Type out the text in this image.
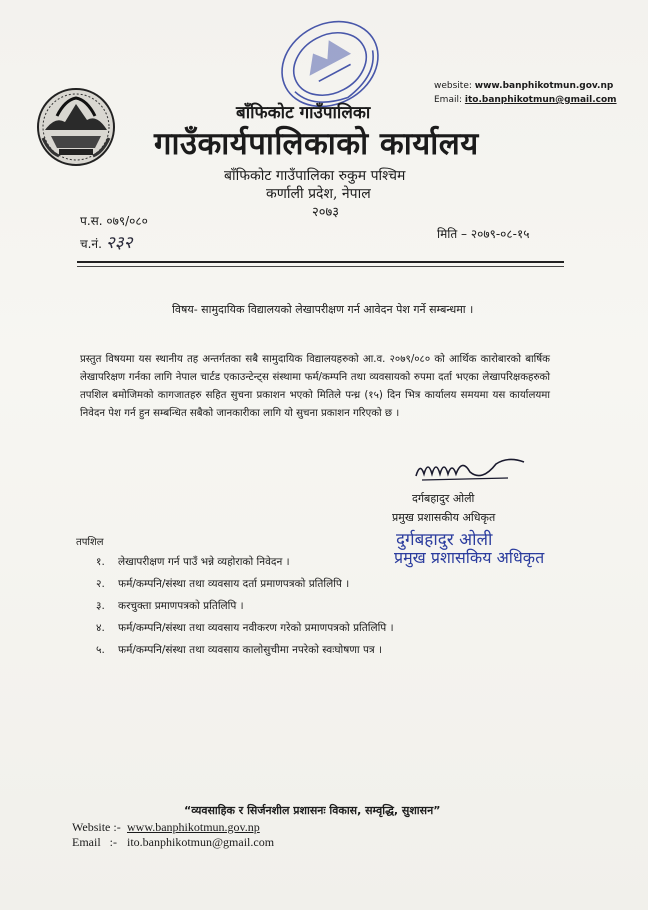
website: www.banphikotmun.gov.np
Email: ito.banphikotmun@gmail.com
बाँफिकोट गाउँपालिका
गाउँकार्यपालिकाको कार्यालय
बाँफिकोट गाउँपालिका रुकुम पश्चिम
कर्णाली प्रदेश, नेपाल
२०७३
प.स. ०७९/०८०
च.नं. २३२	मिति – २०७९-०८-१५
विषय- सामुदायिक विद्यालयको लेखापरीक्षण गर्न आवेदन पेश गर्ने सम्बन्धमा ।
प्रस्तुत विषयमा यस स्थानीय तह अन्तर्गतका सबै सामुदायिक विद्यालयहरुको आ.व. २०७९/०८० को आर्थिक कारोबारको बार्षिक लेखापरिक्षण गर्नका लागि नेपाल चार्टड एकाउन्टेन्ट्स संस्थामा फर्म/कम्पनि तथा व्यवसायको रुपमा दर्ता भएका लेखापरिक्षकहरुको तपशिल बमोजिमको कागजातहरु सहित सुचना प्रकाशन भएको मितिले पन्ध्र (१५) दिन भित्र कार्यालय समयमा यस कार्यालयमा निवेदन पेश गर्न हुन सम्बन्धित सबैको जानकारीका लागि यो सुचना प्रकाशन गरिएको छ ।
दर्गबहादुर ओली
प्रमुख प्रशासकीय अधिकृत
दुर्गबहादुर ओली
प्रमुख प्रशासकिय अधिकृत
तपशिल
१. लेखापरीक्षण गर्न पाउँ भन्ने व्यहोराको निवेदन ।
२. फर्म/कम्पनि/संस्था तथा व्यवसाय दर्ता प्रमाणपत्रको प्रतिलिपि ।
३. करचुक्ता प्रमाणपत्रको प्रतिलिपि ।
४. फर्म/कम्पनि/संस्था तथा व्यवसाय नवीकरण गरेको प्रमाणपत्रको प्रतिलिपि ।
५. फर्म/कम्पनि/संस्था तथा व्यवसाय कालोसुचीमा नपरेको स्वःघोषणा पत्र ।
“व्यवसाहिक र सिर्जनशील प्रशासनः विकास, सम्वृद्धि, सुशासन”
Website :- www.banphikotmun.gov.np
Email   :- ito.banphikotmun@gmail.com
